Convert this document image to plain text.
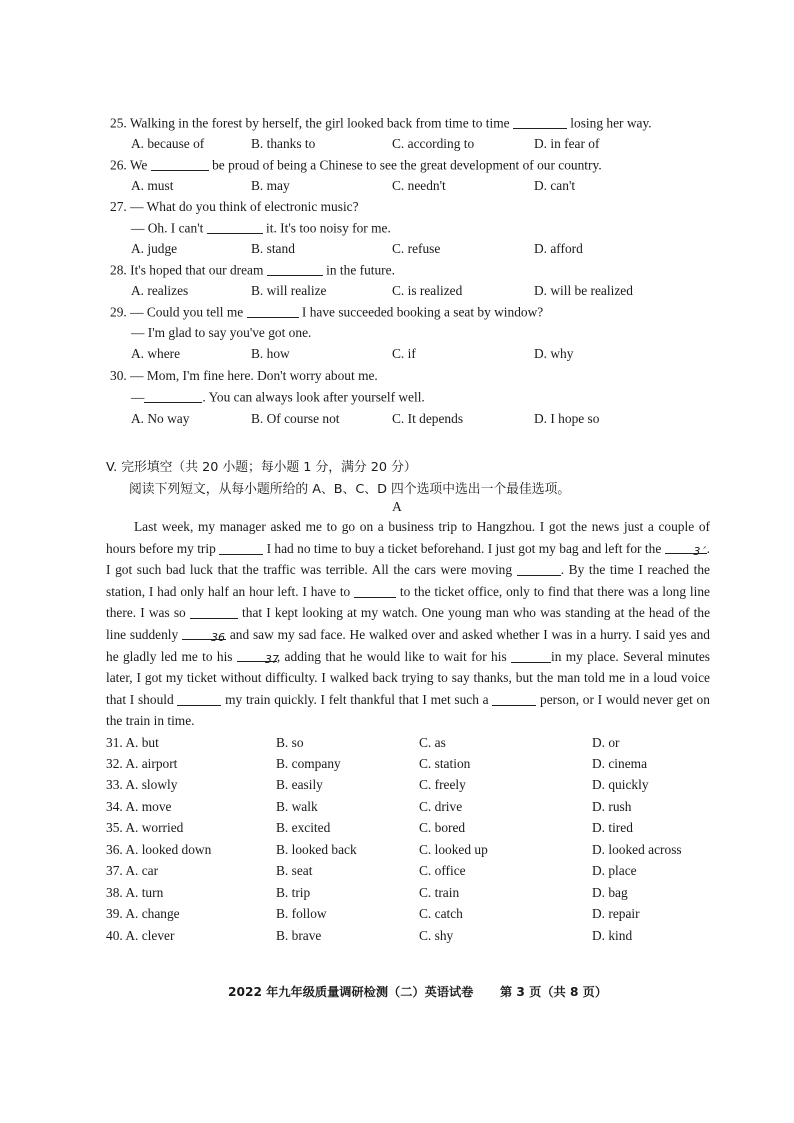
25. Walking in the forest by herself, the girl looked back from time to time	losing her way.
A. because of	B. thanks to	C. according to	D. in fear of
26. We	be proud of being a Chinese to see the great development of our country.
A. must	B. may	C. needn't	D. can't
27. — What do you think of electronic music?
— Oh. I can't	it. It's too noisy for me.
A. judge	B. stand	C. refuse	D. afford
28. It's hoped that our dream	in the future.
A. realizes	B. will realize	C. is realized	D. will be realized
29. — Could you tell me	I have succeeded booking a seat by window?
— I'm glad to say you've got one.
A. where	B. how	C. if	D. why
30. — Mom, I'm fine here. Don't worry about me.
—	. You can always look after yourself well.
A. No way	B. Of course not	C. It depends	D. I hope so
V. 完形填空（共 20 小题；每小题 1 分，满分 20 分）
阅读下列短文，从每小题所给的 A、B、C、D 四个选项中选出一个最佳选项。
A

Last week, my manager asked me to go on a business trip to Hangzhou. I got the news just a couple of hours before my trip	I had no time to buy a ticket beforehand. I just got my bag and left for the	3´. I got such bad luck that the traffic was terrible. All the cars were moving	. By the time I reached the station, I had only half an hour left. I have to	to the ticket office, only to find that there was a long line there. I was so	that I kept looking at my watch. One young man who was standing at the head of the line suddenly	36 and saw my sad face. He walked over and asked whether I was in a hurry. I said yes and he gladly led me to his	37, adding that he would like to wait for his	in my place. Several minutes later, I got my ticket without difficulty. I walked back trying to say thanks, but the man told me in a loud voice that I should	my train quickly. I felt thankful that I met such a	person, or I would never get on the train in time.

31. A. but	B. so	C. as	D. or
32. A. airport	B. company	C. station	D. cinema
33. A. slowly	B. easily	C. freely	D. quickly
34. A. move	B. walk	C. drive	D. rush
35. A. worried	B. excited	C. bored	D. tired
36. A. looked down	B. looked back	C. looked up	D. looked across
37. A. car	B. seat	C. office	D. place
38. A. turn	B. trip	C. train	D. bag
39. A. change	B. follow	C. catch	D. repair
40. A. clever	B. brave	C. shy	D. kind
2022 年九年级质量调研检测（二）英语试卷 第 3 页（共 8 页）
